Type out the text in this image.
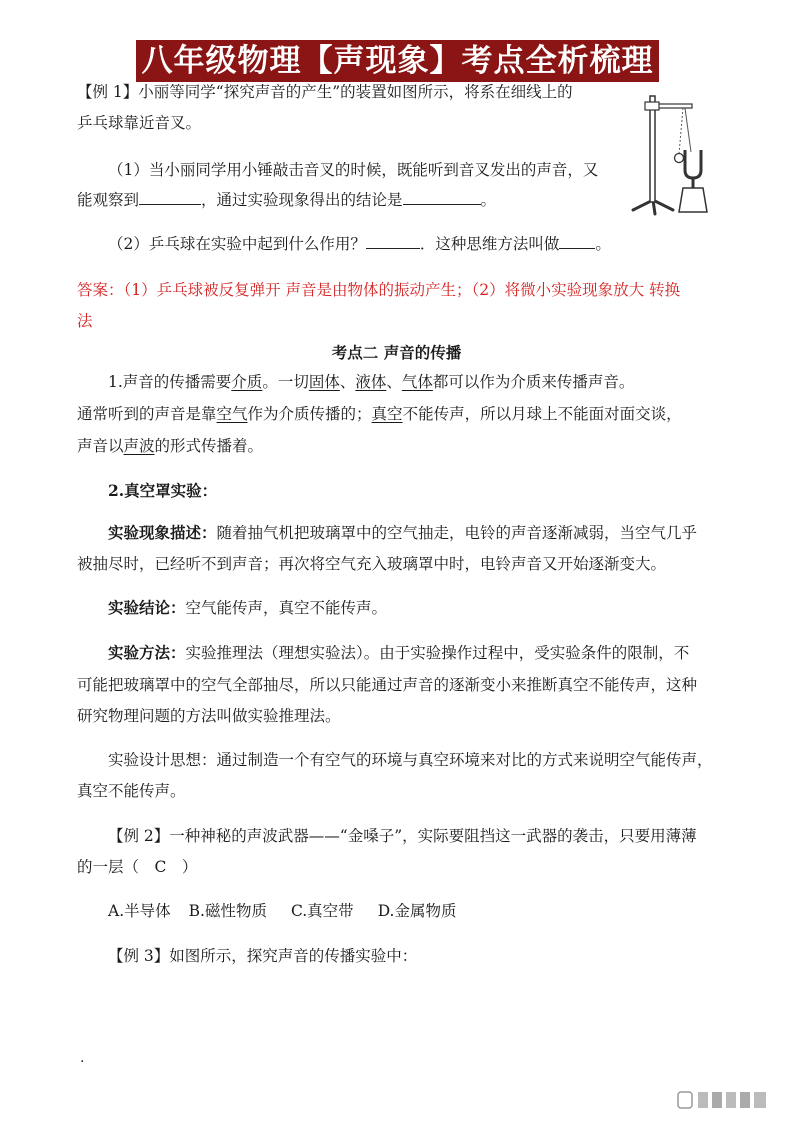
八年级物理【声现象】考点全析梳理
【例 1】小丽等同学“探究声音的产生”的装置如图所示，将系在细线上的
乒乓球靠近音叉。
（1）当小丽同学用小锤敲击音叉的时候，既能听到音叉发出的声音，又
能观察到	，通过实验现象得出的结论是	。
（2）乒乓球在实验中起到什么作用？	．这种思维方法叫做 。
答案：（1）乒乓球被反复弹开 声音是由物体的振动产生；（2）将微小实验现象放大 转换
法
考点二 声音的传播
1.声音的传播需要介质。一切固体、液体、气体都可以作为介质来传播声音。
通常听到的声音是靠空气作为介质传播的；真空不能传声，所以月球上不能面对面交谈，
声音以声波的形式传播着。
2.真空罩实验：
实验现象描述：随着抽气机把玻璃罩中的空气抽走，电铃的声音逐渐减弱，当空气几乎
被抽尽时，已经听不到声音；再次将空气充入玻璃罩中时，电铃声音又开始逐渐变大。
实验结论：空气能传声，真空不能传声。
实验方法：实验推理法（理想实验法）。由于实验操作过程中，受实验条件的限制，不
可能把玻璃罩中的空气全部抽尽，所以只能通过声音的逐渐变小来推断真空不能传声，这种
研究物理问题的方法叫做实验推理法。
实验设计思想：通过制造一个有空气的环境与真空环境来对比的方式来说明空气能传声，
真空不能传声。
【例 2】一种神秘的声波武器——“金嗓子”，实际要阻挡这一武器的袭击，只要用薄薄
的一层（　C　）
A.半导体 B.磁性物质 C.真空带 D.金属物质
【例 3】如图所示，探究声音的传播实验中：
.
